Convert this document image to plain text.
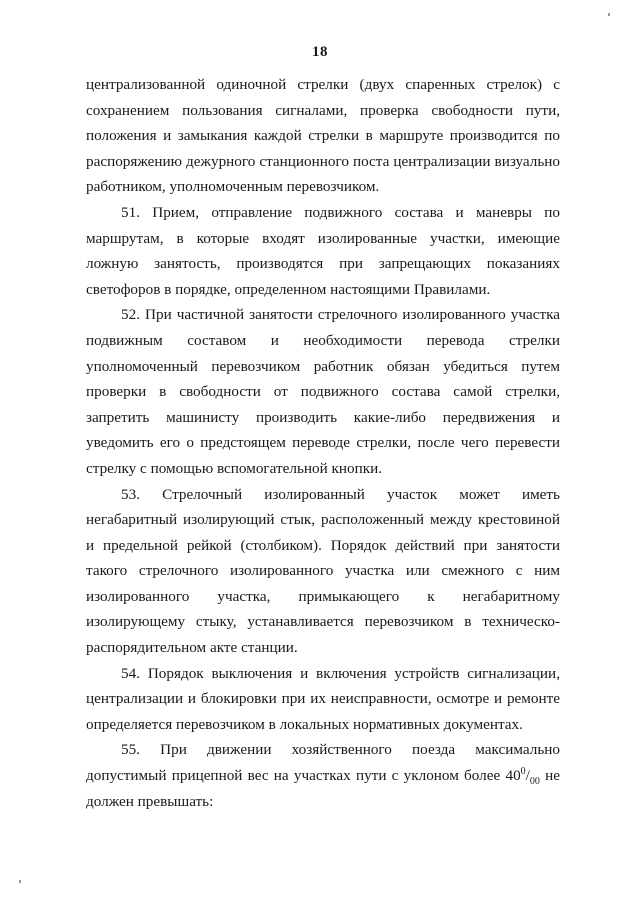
18

централизованной одиночной стрелки (двух спаренных стрелок) с сохранением пользования сигналами, проверка свободности пути, положения и замыкания каждой стрелки в маршруте производится по распоряжению дежурного станционного поста централизации визуально работником, уполномоченным перевозчиком.

51. Прием, отправление подвижного состава и маневры по маршрутам, в которые входят изолированные участки, имеющие ложную занятость, производятся при запрещающих показаниях светофоров в порядке, определенном настоящими Правилами.

52. При частичной занятости стрелочного изолированного участка подвижным составом и необходимости перевода стрелки уполномоченный перевозчиком работник обязан убедиться путем проверки в свободности от подвижного состава самой стрелки, запретить машинисту производить какие-либо передвижения и уведомить его о предстоящем переводе стрелки, после чего перевести стрелку с помощью вспомогательной кнопки.

53. Стрелочный изолированный участок может иметь негабаритный изолирующий стык, расположенный между крестовиной и предельной рейкой (столбиком). Порядок действий при занятости такого стрелочного изолированного участка или смежного с ним изолированного участка, примыкающего к негабаритному изолирующему стыку, устанавливается перевозчиком в техническо-распорядительном акте станции.

54. Порядок выключения и включения устройств сигнализации, централизации и блокировки при их неисправности, осмотре и ремонте определяется перевозчиком в локальных нормативных документах.

55. При движении хозяйственного поезда максимально допустимый прицепной вес на участках пути с уклоном более $40^0/_{00}$ не должен превышать:
